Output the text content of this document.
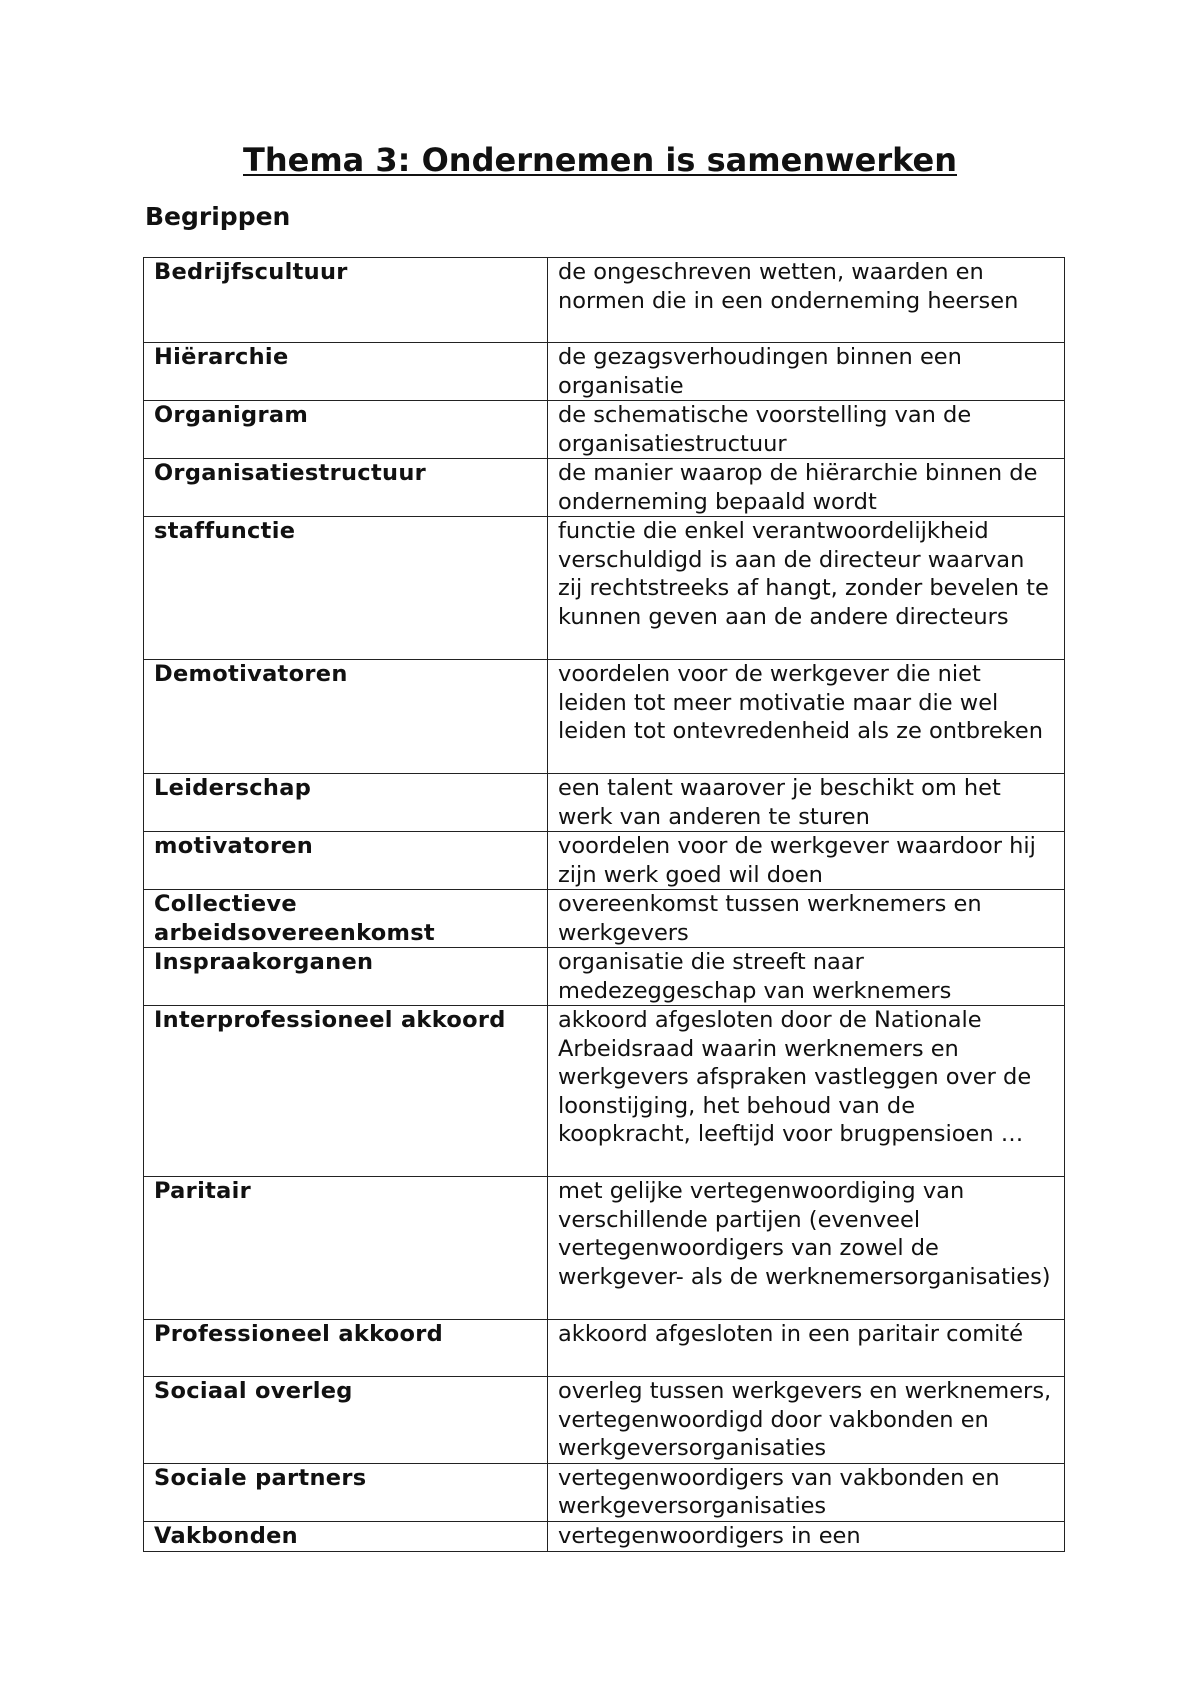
Thema 3: Ondernemen is samenwerken
Begrippen
Bedrijfscultuur	de ongeschreven wetten, waarden en normen die in een onderneming heersen
Hiërarchie	de gezagsverhoudingen binnen een organisatie
Organigram	de schematische voorstelling van de organisatiestructuur
Organisatiestructuur	de manier waarop de hiërarchie binnen de onderneming bepaald wordt
staffunctie	functie die enkel verantwoordelijkheid verschuldigd is aan de directeur waarvan zij rechtstreeks af hangt, zonder bevelen te kunnen geven aan de andere directeurs
Demotivatoren	voordelen voor de werkgever die niet leiden tot meer motivatie maar die wel leiden tot ontevredenheid als ze ontbreken
Leiderschap	een talent waarover je beschikt om het werk van anderen te sturen
motivatoren	voordelen voor de werkgever waardoor hij zijn werk goed wil doen
Collectieve arbeidsovereenkomst	overeenkomst tussen werknemers en werkgevers
Inspraakorganen	organisatie die streeft naar medezeggeschap van werknemers
Interprofessioneel akkoord	akkoord afgesloten door de Nationale Arbeidsraad waarin werknemers en werkgevers afspraken vastleggen over de loonstijging, het behoud van de koopkracht, leeftijd voor brugpensioen …
Paritair	met gelijke vertegenwoordiging van verschillende partijen (evenveel vertegenwoordigers van zowel de werkgever- als de werknemersorganisaties)
Professioneel akkoord	akkoord afgesloten in een paritair comité
Sociaal overleg	overleg tussen werkgevers en werknemers, vertegenwoordigd door vakbonden en werkgeversorganisaties
Sociale partners	vertegenwoordigers van vakbonden en werkgeversorganisaties
Vakbonden	vertegenwoordigers in een
